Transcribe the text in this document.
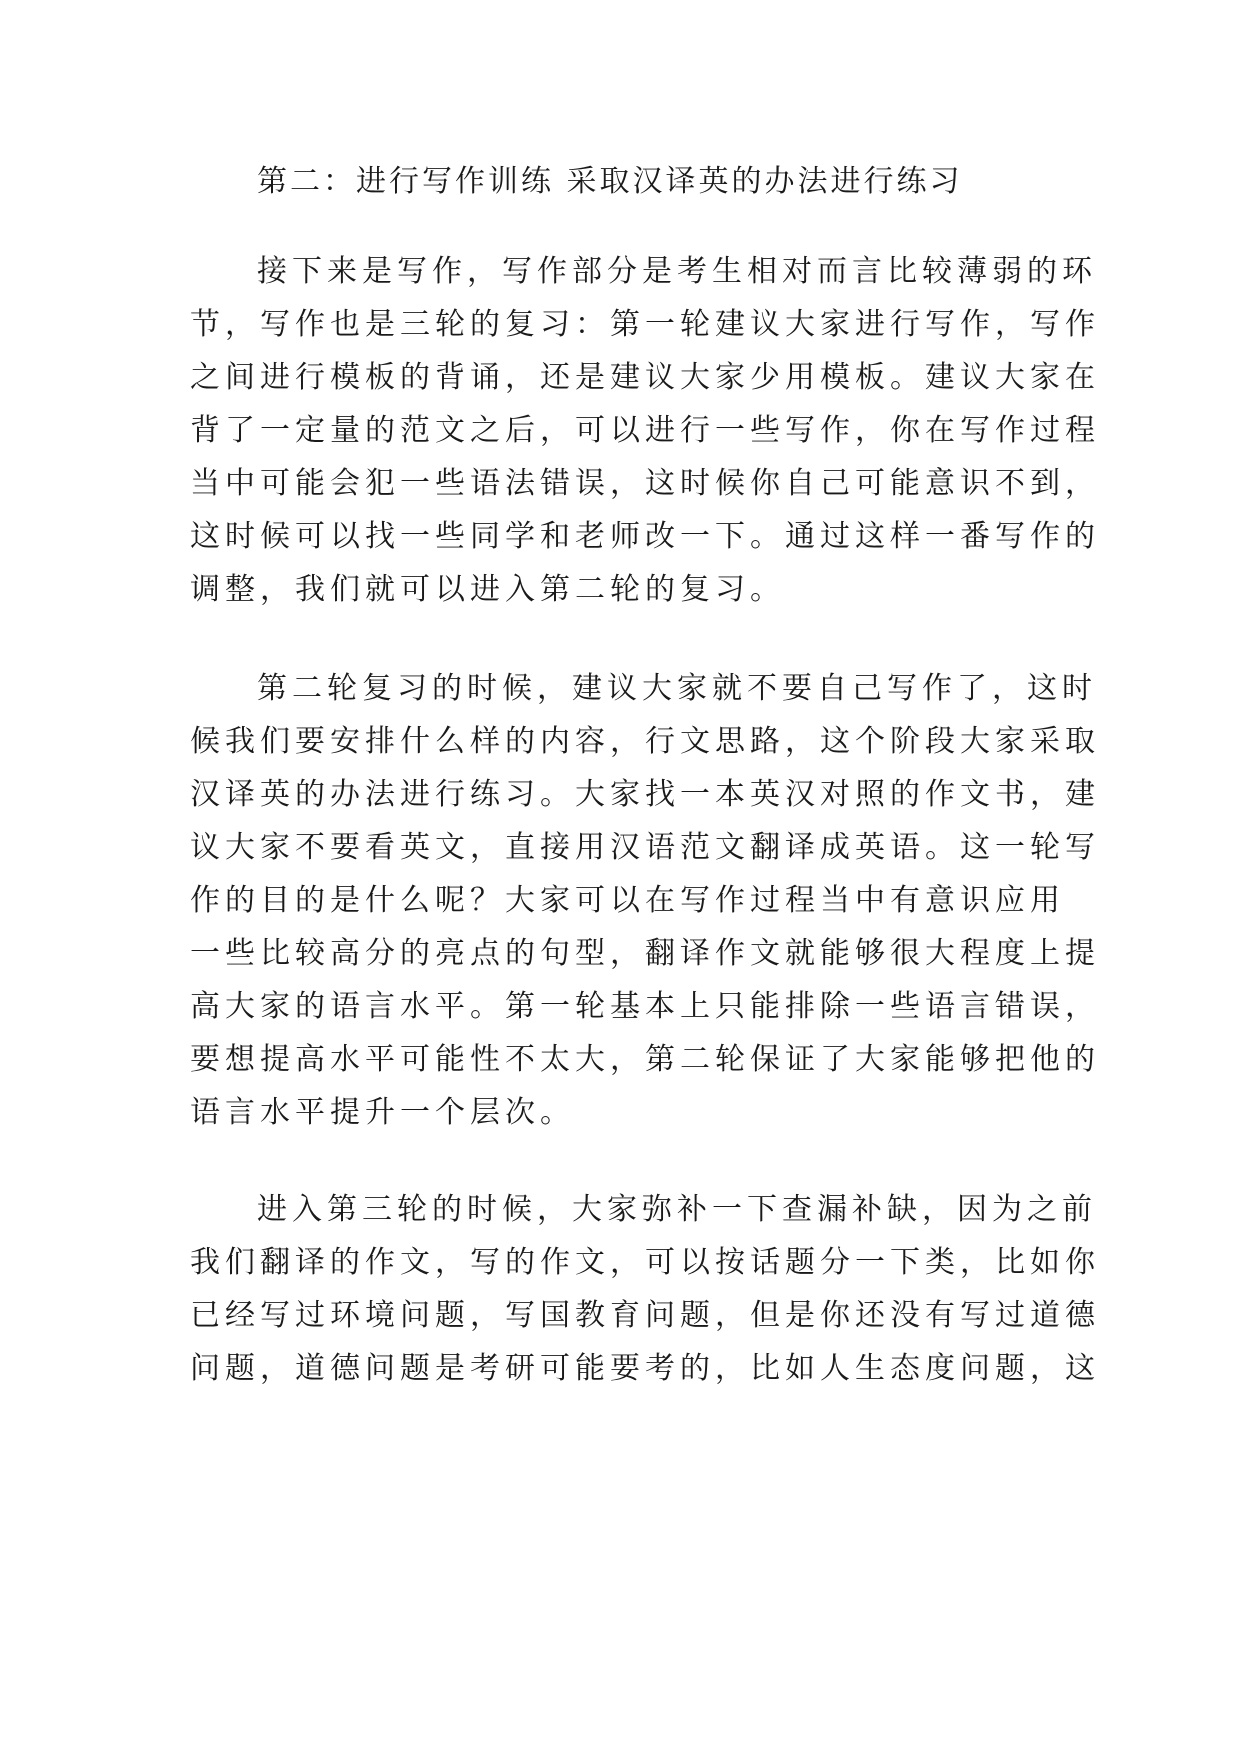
第二：进行写作训练 采取汉译英的办法进行练习
接下来是写作，写作部分是考生相对而言比较薄弱的环
节，写作也是三轮的复习：第一轮建议大家进行写作，写作
之间进行模板的背诵，还是建议大家少用模板。建议大家在
背了一定量的范文之后，可以进行一些写作，你在写作过程
当中可能会犯一些语法错误，这时候你自己可能意识不到，
这时候可以找一些同学和老师改一下。通过这样一番写作的
调整，我们就可以进入第二轮的复习。
第二轮复习的时候，建议大家就不要自己写作了，这时
候我们要安排什么样的内容，行文思路，这个阶段大家采取
汉译英的办法进行练习。大家找一本英汉对照的作文书，建
议大家不要看英文，直接用汉语范文翻译成英语。这一轮写
作的目的是什么呢？大家可以在写作过程当中有意识应用
一些比较高分的亮点的句型，翻译作文就能够很大程度上提
高大家的语言水平。第一轮基本上只能排除一些语言错误，
要想提高水平可能性不太大，第二轮保证了大家能够把他的
语言水平提升一个层次。
进入第三轮的时候，大家弥补一下查漏补缺，因为之前
我们翻译的作文，写的作文，可以按话题分一下类，比如你
已经写过环境问题，写国教育问题，但是你还没有写过道德
问题，道德问题是考研可能要考的，比如人生态度问题，这
